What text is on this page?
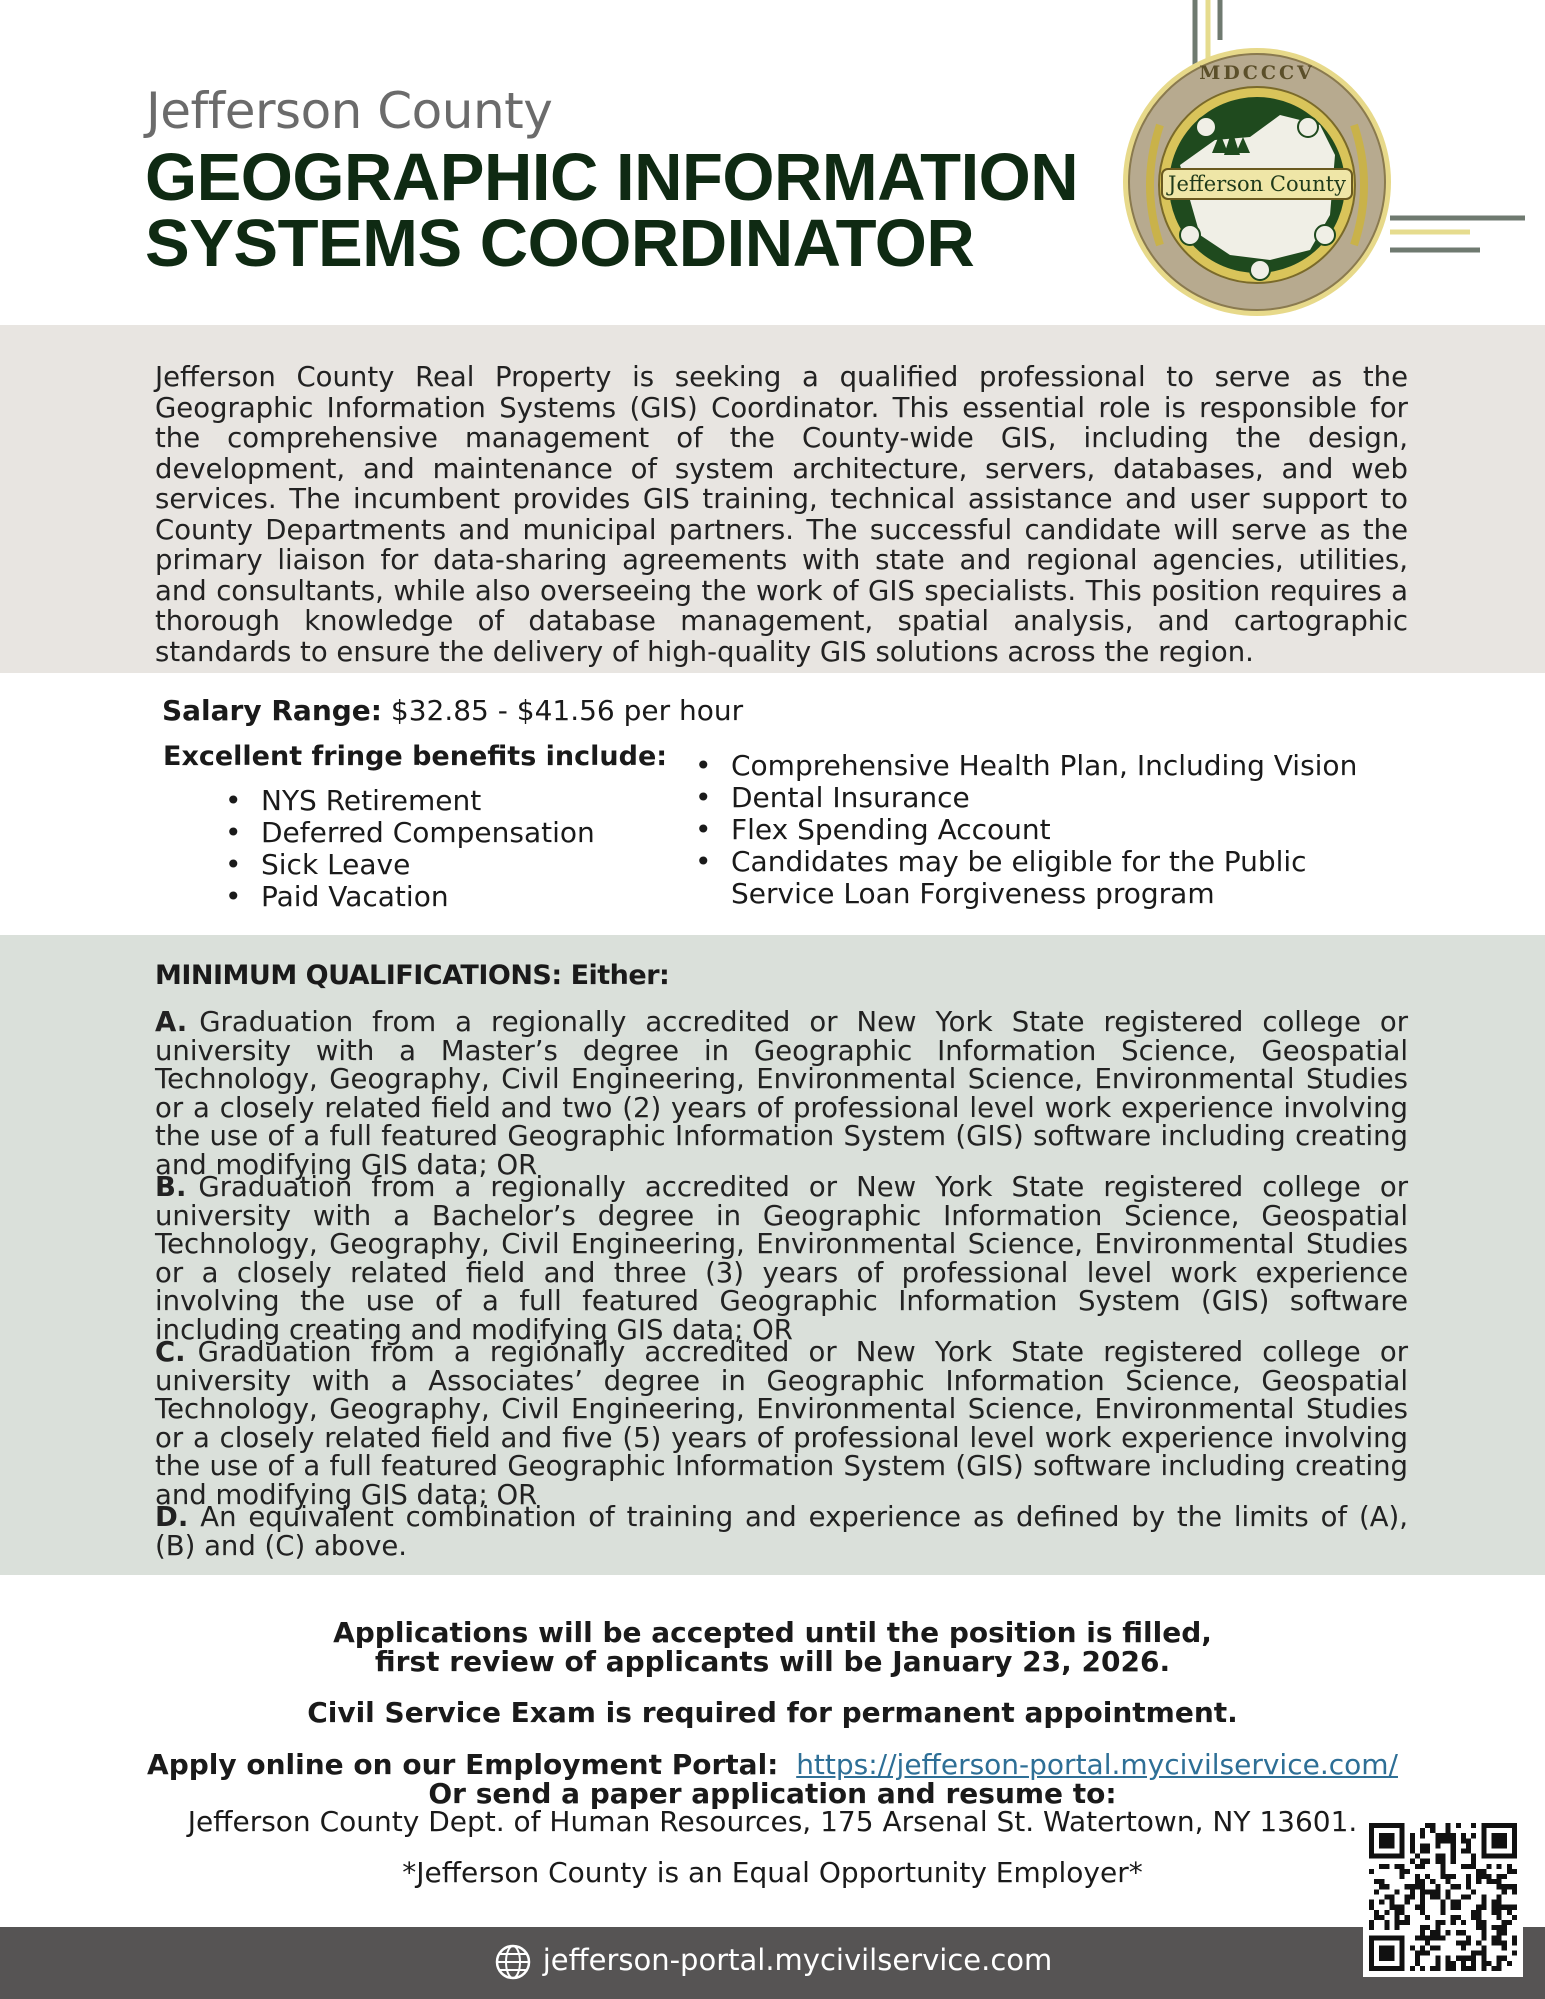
Jefferson County
GEOGRAPHIC INFORMATION
SYSTEMS COORDINATOR
Jefferson County
MDCCCV

Jefferson County Real Property is seeking a qualified professional to serve as the Geographic Information Systems (GIS) Coordinator. This essential role is responsible for the comprehensive management of the County-wide GIS, including the design, development, and maintenance of system architecture, servers, databases, and web services. The incumbent provides GIS training, technical assistance and user support to County Departments and municipal partners. The successful candidate will serve as the primary liaison for data-sharing agreements with state and regional agencies, utilities, and consultants, while also overseeing the work of GIS specialists. This position requires a thorough knowledge of database management, spatial analysis, and cartographic standards to ensure the delivery of high-quality GIS solutions across the region.

Salary Range: $32.85 - $41.56 per hour
Excellent fringe benefits include:
• NYS Retirement
• Deferred Compensation
• Sick Leave
• Paid Vacation
• Comprehensive Health Plan, Including Vision
• Dental Insurance
• Flex Spending Account
• Candidates may be eligible for the Public Service Loan Forgiveness program
MINIMUM QUALIFICATIONS: Either:
A. Graduation from a regionally accredited or New York State registered college or university with a Master’s degree in Geographic Information Science, Geospatial Technology, Geography, Civil Engineering, Environmental Science, Environmental Studies or a closely related field and two (2) years of professional level work experience involving the use of a full featured Geographic Information System (GIS) software including creating and modifying GIS data; OR
B. Graduation from a regionally accredited or New York State registered college or university with a Bachelor’s degree in Geographic Information Science, Geospatial Technology, Geography, Civil Engineering, Environmental Science, Environmental Studies or a closely related field and three (3) years of professional level work experience involving the use of a full featured Geographic Information System (GIS) software including creating and modifying GIS data; OR
C. Graduation from a regionally accredited or New York State registered college or university with a Associates’ degree in Geographic Information Science, Geospatial Technology, Geography, Civil Engineering, Environmental Science, Environmental Studies or a closely related field and five (5) years of professional level work experience involving the use of a full featured Geographic Information System (GIS) software including creating and modifying GIS data; OR
D. An equivalent combination of training and experience as defined by the limits of (A), (B) and (C) above.
Applications will be accepted until the position is filled,
first review of applicants will be January 23, 2026.
Civil Service Exam is required for permanent appointment.
Apply online on our Employment Portal: https://jefferson-portal.mycivilservice.com/
Or send a paper application and resume to:
Jefferson County Dept. of Human Resources, 175 Arsenal St. Watertown, NY 13601.
*Jefferson County is an Equal Opportunity Employer*
jefferson-portal.mycivilservice.com
